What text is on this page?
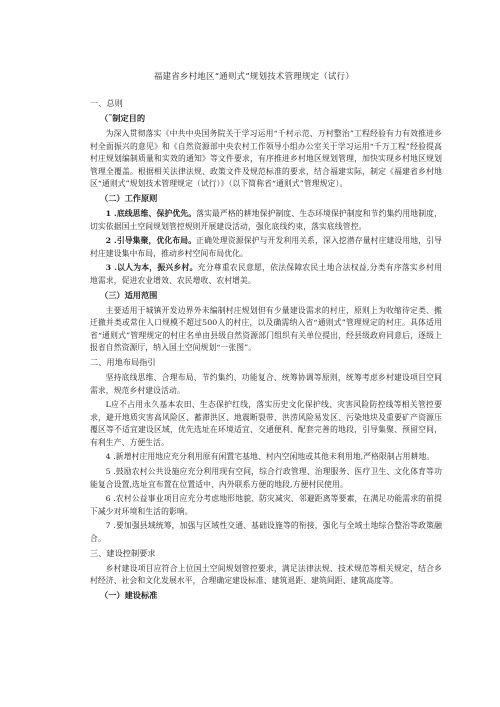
福建省乡村地区“通则式”规划技术管理规定（试行）
一、总则
（˜制定目的

为深入贯彻落实《中共中央国务院关于学习运用“千村示范、万村整治”工程经验有力有效推进乡村全面振兴的意见》和《自然资源部中央农村工作领导小组办公室关于学习运用“千万工程”经验提高村庄规划编制质量和实效的通知》等文件要求，有序推进乡村地区规划管理，加快实现乡村地区规划管理全覆盖。根据相关法律法规、政策文件及规范标准的要求，结合福建实际，制定《福建省乡村地区“通则式”规划技术管理规定（试行）》（以下简称省“通则式”管理规定）。

（二）工作原则

1 .底线思维、保护优先。落实最严格的耕地保护制度、生态环境保护制度和节约集约用地制度，切实依据国土空间规划管控规则开展建设活动，强化底线约束，落实底线管控。

2 .引导集聚，优化布局。正确处理资源保护与开发利用关系，深入挖潜存量村庄建设用地，引导村庄建设集中布局，推动乡村空间布局优化。

3 .以人为本，振兴乡村。充分尊重农民意愿，依法保障农民土地合法权益,分类有序落实乡村用地需求，促进农业增效、农民增收、农村增美。

（三）适用范围

主要适用于城镇开发边界外未编制村庄规划但有少量建设需求的村庄，原则上为收缩待定类、搬迁撤并类或常住人口规模不超过500人的村庄，以及确需纳入省“通则式”管理规定的村庄。具体适用省“通则式”管理规定的村庄名单由县级自然资源部门组织有关单位提出，经县级政府同意后，逐级上报省自然资源厅，纳入国土空间规划“一张图”。

二、用地布局指引

坚持底线思维、合理布局、节约集约、功能复合、统筹协调等原则，统筹考虑乡村建设项目空间需求，规范乡村建设活动。

L应不占用永久基本农田、生态保护红线，落实历史文化保护线、灾害风险防控线等相关管控要求，避开地质灾害高风险区、蓄滞洪区、地震断裂带、洪涝风险易发区、污染地块及重要矿产资源压覆区等不适宜建设区域，优先选址在环境适宜、交通便利、配套完善的地段，引导集聚、预留空间，有利生产、方便生活。

4 .新增村庄用地应充分利用原有闲置宅基地、村内空闲地或其他未利用地,严格限制占用耕地。

5 .鼓励农村公共设施应充分利用现有空间，综合行政管理、治理服务、医疗卫生、文化体育等功能复合设置,选址宜布置在位置适中、内外联系方便的地段,方便村民使用。

6 .农村公益事业项目应充分考虑地形地貌、防灾减灾、邻避距离等要素，在满足功能需求的前提下减少对环境和生活的影响。

7 .要加强县域统筹，加强与区域性交通、基础设施等的衔接，强化与全域土地综合整治等政策融合。

三、建设控制要求

乡村建设项目应符合上位国土空间规划管控要求，满足法律法规、技术规范等相关规定，结合乡村经济、社会和文化发展水平，合理确定建设标准、建筑退距、建筑间距、建筑高度等。

（一）建设标准
